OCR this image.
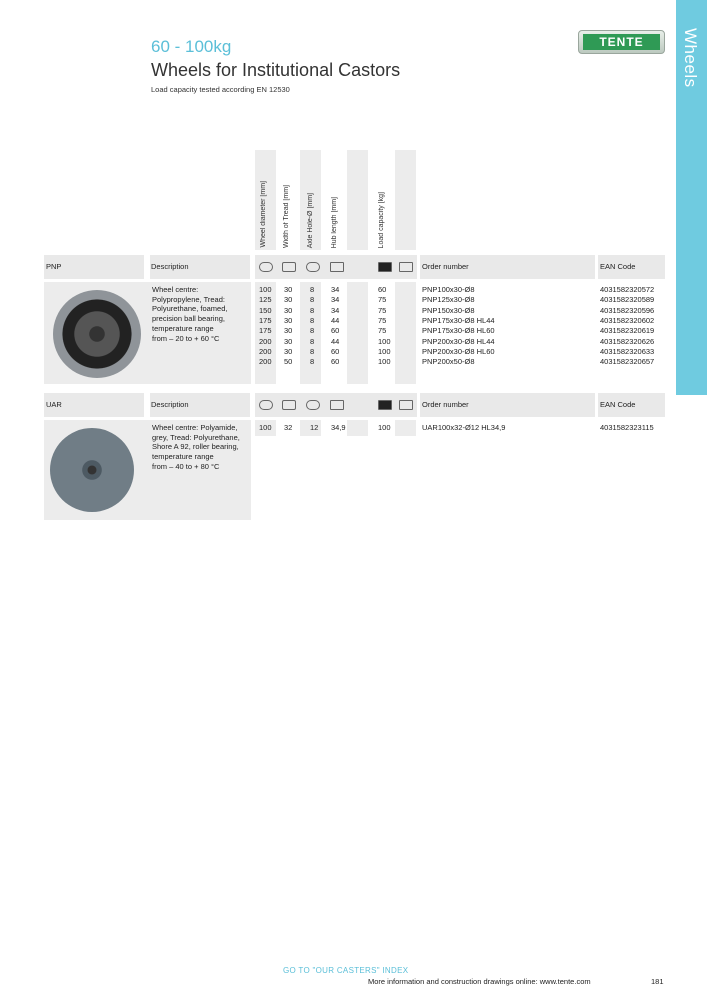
Wheels
60 - 100kg
Wheels for Institutional Castors
Load capacity tested according EN 12530
TENTE
Wheel diameter [mm] Width of Tread [mm] Axle Hole-Ø [mm] Hub length [mm]	Load capacity [kg]
PNP	Description	Order number	EAN Code
Wheel centre:
Polypropylene, Tread:
Polyurethane, foamed,
precision ball bearing,
temperature range
from – 20 to + 60 °C
100 30 8 34	60	PNP100x30-Ø8	4031582320572
125 30 8 34	75	PNP125x30-Ø8	4031582320589
150 30 8 34	75	PNP150x30-Ø8	4031582320596
175 30 8 44	75	PNP175x30-Ø8 HL44	4031582320602
175 30 8 60	75	PNP175x30-Ø8 HL60	4031582320619
200 30 8 44	100	PNP200x30-Ø8 HL44	4031582320626
200 30 8 60	100	PNP200x30-Ø8 HL60	4031582320633
200 50 8 60	100	PNP200x50-Ø8	4031582320657
UAR	Description	Order number	EAN Code
Wheel centre: Polyamide,
grey, Tread: Polyurethane,
Shore A 92, roller bearing,
temperature range
from – 40 to + 80 °C
100 32 12 34,9	100	UAR100x32-Ø12 HL34,9	4031582323115
GO TO "OUR CASTERS" INDEX
More information and construction drawings online: www.tente.com	181
